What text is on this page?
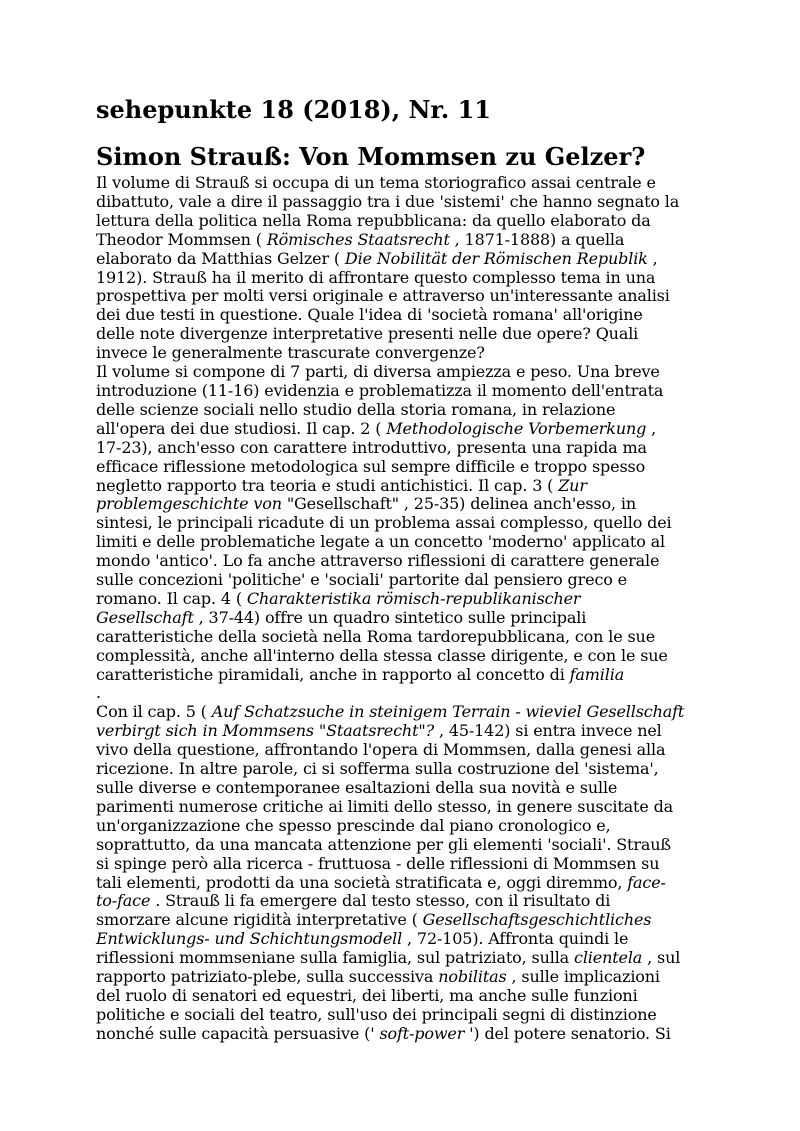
sehepunkte 18 (2018), Nr. 11
Simon Strauß: Von Mommsen zu Gelzer?
Il volume di Strauß si occupa di un tema storiografico assai centrale e
dibattuto, vale a dire il passaggio tra i due 'sistemi' che hanno segnato la
lettura della politica nella Roma repubblicana: da quello elaborato da
Theodor Mommsen ( Römisches Staatsrecht , 1871-1888) a quella
elaborato da Matthias Gelzer ( Die Nobilität der Römischen Republik ,
1912). Strauß ha il merito di affrontare questo complesso tema in una
prospettiva per molti versi originale e attraverso un'interessante analisi
dei due testi in questione. Quale l'idea di 'società romana' all'origine
delle note divergenze interpretative presenti nelle due opere? Quali
invece le generalmente trascurate convergenze?
Il volume si compone di 7 parti, di diversa ampiezza e peso. Una breve
introduzione (11-16) evidenzia e problematizza il momento dell'entrata
delle scienze sociali nello studio della storia romana, in relazione
all'opera dei due studiosi. Il cap. 2 ( Methodologische Vorbemerkung ,
17-23), anch'esso con carattere introduttivo, presenta una rapida ma
efficace riflessione metodologica sul sempre difficile e troppo spesso
negletto rapporto tra teoria e studi antichistici. Il cap. 3 ( Zur
problemgeschichte von "Gesellschaft" , 25-35) delinea anch'esso, in
sintesi, le principali ricadute di un problema assai complesso, quello dei
limiti e delle problematiche legate a un concetto 'moderno' applicato al
mondo 'antico'. Lo fa anche attraverso riflessioni di carattere generale
sulle concezioni 'politiche' e 'sociali' partorite dal pensiero greco e
romano. Il cap. 4 ( Charakteristika römisch-republikanischer
Gesellschaft , 37-44) offre un quadro sintetico sulle principali
caratteristiche della società nella Roma tardorepubblicana, con le sue
complessità, anche all'interno della stessa classe dirigente, e con le sue
caratteristiche piramidali, anche in rapporto al concetto di familia
.
Con il cap. 5 ( Auf Schatzsuche in steinigem Terrain - wieviel Gesellschaft
verbirgt sich in Mommsens "Staatsrecht"? , 45-142) si entra invece nel
vivo della questione, affrontando l'opera di Mommsen, dalla genesi alla
ricezione. In altre parole, ci si sofferma sulla costruzione del 'sistema',
sulle diverse e contemporanee esaltazioni della sua novità e sulle
parimenti numerose critiche ai limiti dello stesso, in genere suscitate da
un'organizzazione che spesso prescinde dal piano cronologico e,
soprattutto, da una mancata attenzione per gli elementi 'sociali'. Strauß
si spinge però alla ricerca - fruttuosa - delle riflessioni di Mommsen su
tali elementi, prodotti da una società stratificata e, oggi diremmo, face-
to-face . Strauß li fa emergere dal testo stesso, con il risultato di
smorzare alcune rigidità interpretative ( Gesellschaftsgeschichtliches
Entwicklungs- und Schichtungsmodell , 72-105). Affronta quindi le
riflessioni mommseniane sulla famiglia, sul patriziato, sulla clientela , sul
rapporto patriziato-plebe, sulla successiva nobilitas , sulle implicazioni
del ruolo di senatori ed equestri, dei liberti, ma anche sulle funzioni
politiche e sociali del teatro, sull'uso dei principali segni di distinzione
nonché sulle capacità persuasive (' soft-power ') del potere senatorio. Si
